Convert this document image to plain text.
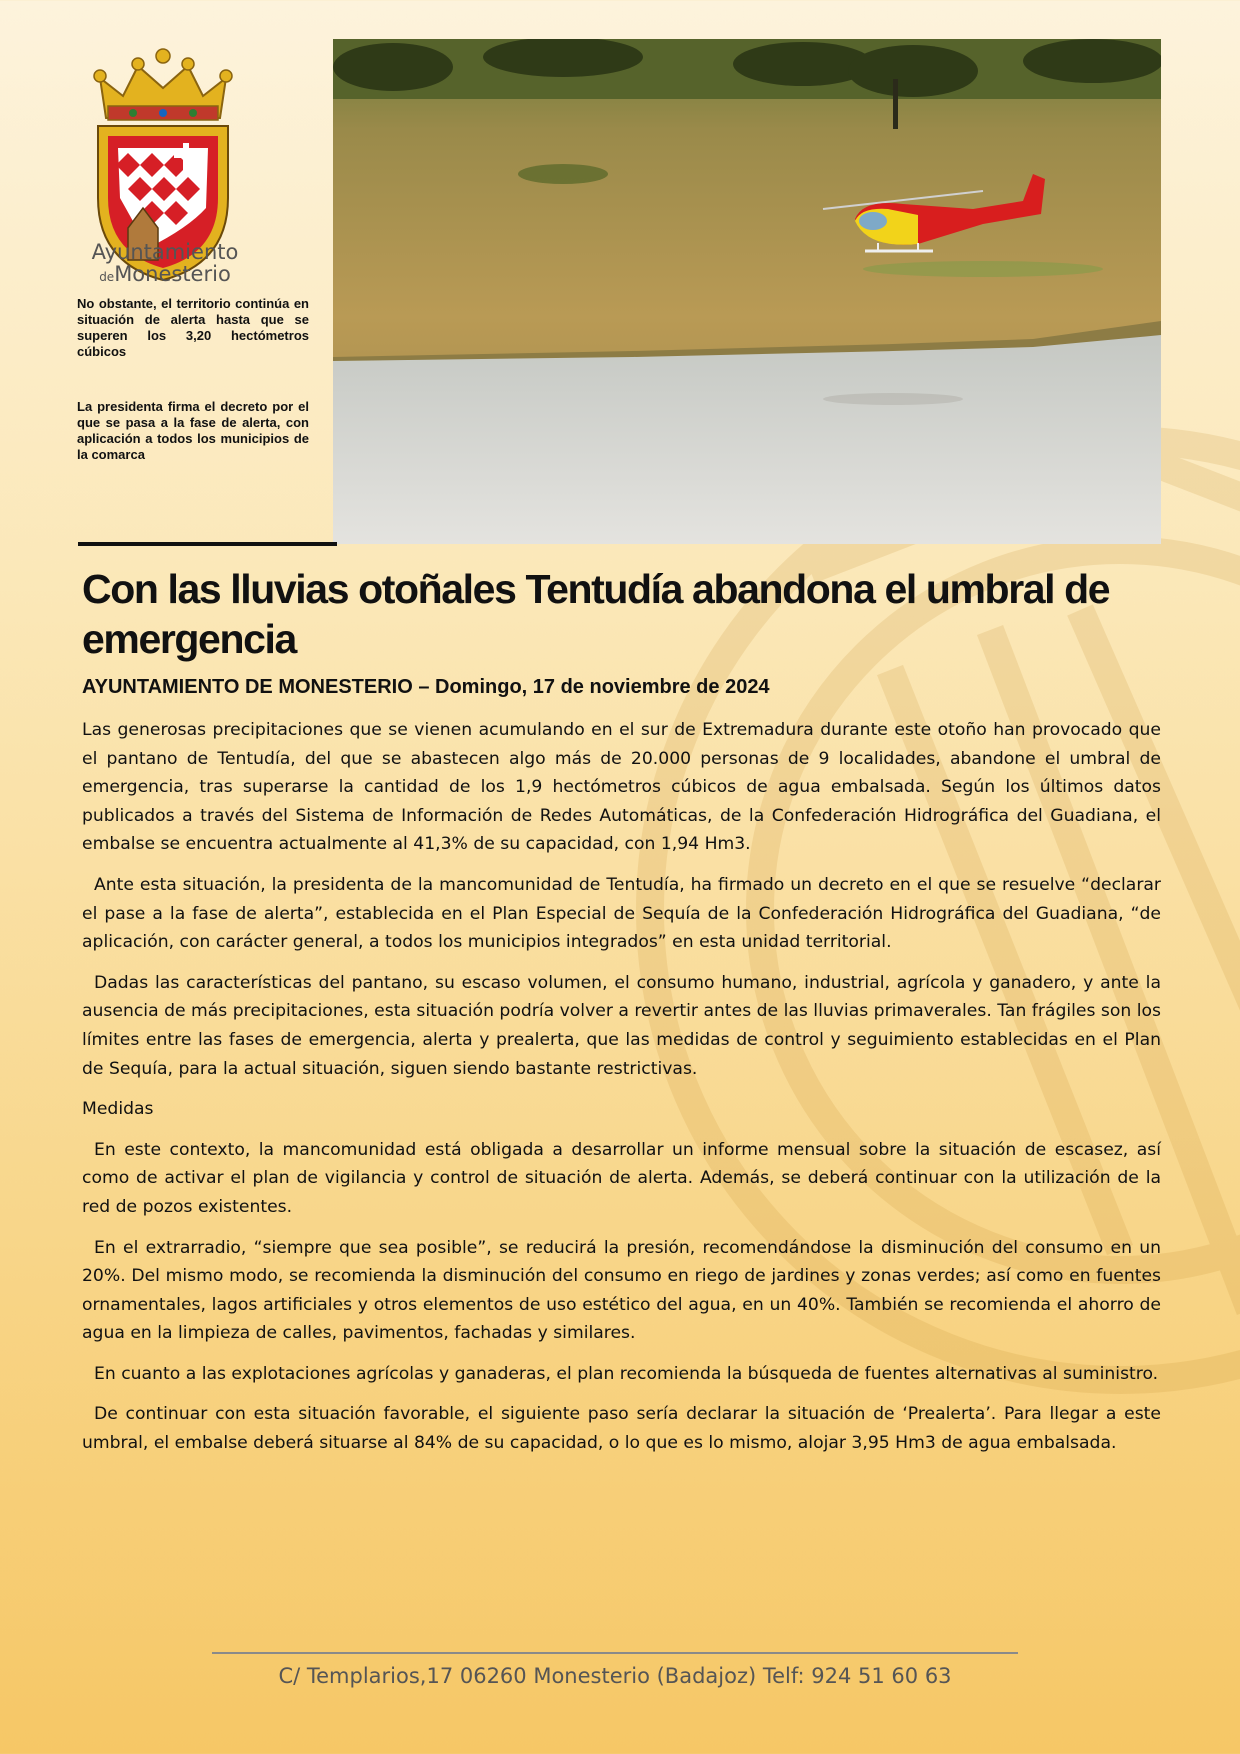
Ayuntamiento
deMonesterio
No obstante, el territorio continúa en situación de alerta hasta que se superen los 3,20 hectómetros cúbicos
La presidenta firma el decreto por el que se pasa a la fase de alerta, con aplicación a todos los municipios de la comarca
Con las lluvias otoñales Tentudía abandona el umbral de emergencia
AYUNTAMIENTO DE MONESTERIO – Domingo, 17 de noviembre de 2024

Las generosas precipitaciones que se vienen acumulando en el sur de Extremadura durante este otoño han provocado que el pantano de Tentudía, del que se abastecen algo más de 20.000 personas de 9 localidades, abandone el umbral de emergencia, tras superarse la cantidad de los 1,9 hectómetros cúbicos de agua embalsada. Según los últimos datos publicados a través del Sistema de Información de Redes Automáticas, de la Confederación Hidrográfica del Guadiana, el embalse se encuentra actualmente al 41,3% de su capacidad, con 1,94 Hm3.

Ante esta situación, la presidenta de la mancomunidad de Tentudía, ha firmado un decreto en el que se resuelve “declarar el pase a la fase de alerta”, establecida en el Plan Especial de Sequía de la Confederación Hidrográfica del Guadiana, “de aplicación, con carácter general, a todos los municipios integrados” en esta unidad territorial.

Dadas las características del pantano, su escaso volumen, el consumo humano, industrial, agrícola y ganadero, y ante la ausencia de más precipitaciones, esta situación podría volver a revertir antes de las lluvias primaverales. Tan frágiles son los límites entre las fases de emergencia, alerta y prealerta, que las medidas de control y seguimiento establecidas en el Plan de Sequía, para la actual situación, siguen siendo bastante restrictivas.

Medidas

En este contexto, la mancomunidad está obligada a desarrollar un informe mensual sobre la situación de escasez, así como de activar el plan de vigilancia y control de situación de alerta. Además, se deberá continuar con la utilización de la red de pozos existentes.

En el extrarradio, “siempre que sea posible”, se reducirá la presión, recomendándose la disminución del consumo en un 20%. Del mismo modo, se recomienda la disminución del consumo en riego de jardines y zonas verdes; así como en fuentes ornamentales, lagos artificiales y otros elementos de uso estético del agua, en un 40%. También se recomienda el ahorro de agua en la limpieza de calles, pavimentos, fachadas y similares.

En cuanto a las explotaciones agrícolas y ganaderas, el plan recomienda la búsqueda de fuentes alternativas al suministro.

De continuar con esta situación favorable, el siguiente paso sería declarar la situación de ‘Prealerta’. Para llegar a este umbral, el embalse deberá situarse al 84% de su capacidad, o lo que es lo mismo, alojar 3,95 Hm3 de agua embalsada.

C/ Templarios,17 06260 Monesterio (Badajoz) Telf: 924 51 60 63
